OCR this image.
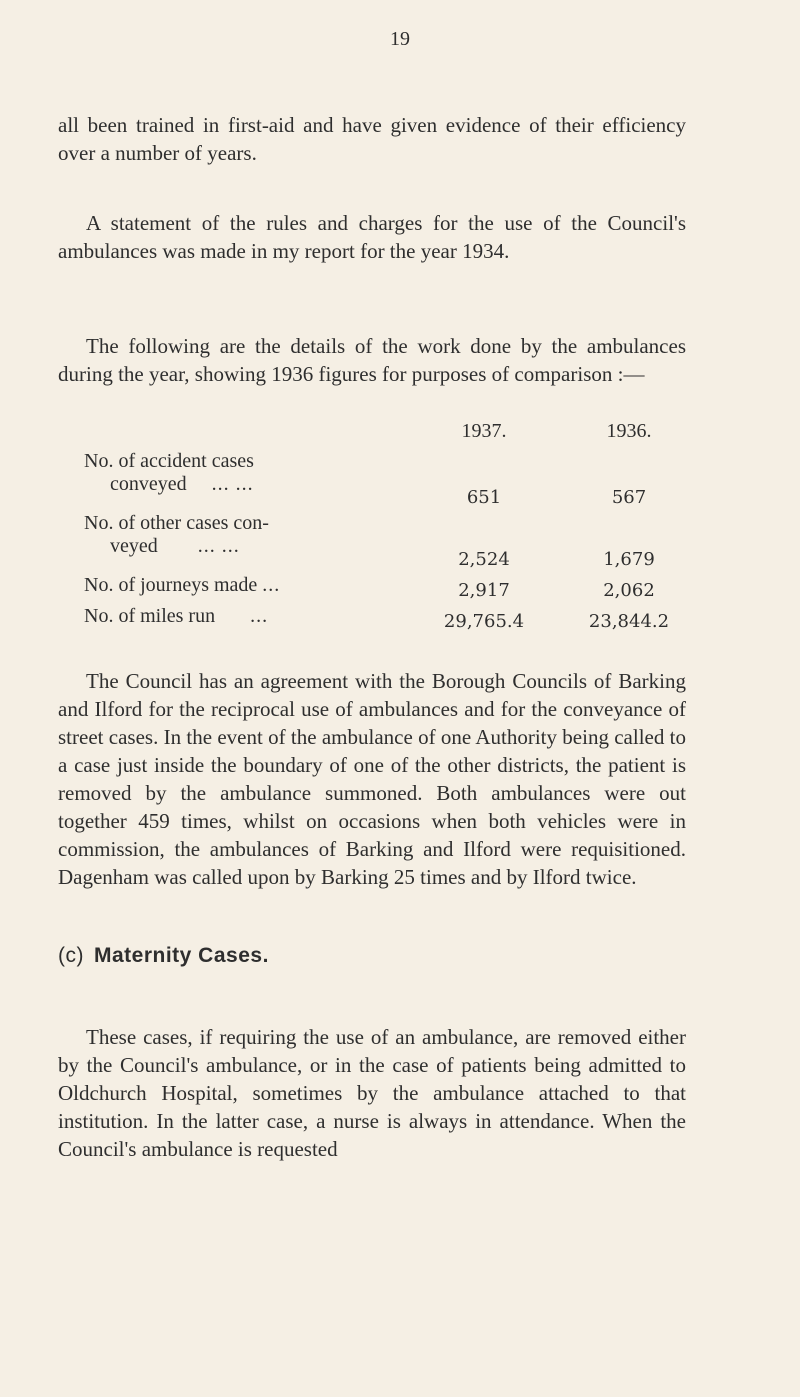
19

all been trained in first-aid and have given evidence of their efficiency over a number of years.

A statement of the rules and charges for the use of the Council's ambulances was made in my report for the year 1934.

The following are the details of the work done by the ambulances during the year, showing 1936 figures for purposes of comparison :—

1937.	1936.
No. of accident cases
conveyed ... ...
651	567
No. of other cases con-
veyed ... ...
2,524	1,679
No. of journeys made ...	2,917	2,062
No. of miles run ...	29,765.4	23,844.2

The Council has an agreement with the Borough Councils of Barking and Ilford for the reciprocal use of ambulances and for the conveyance of street cases. In the event of the ambulance of one Authority being called to a case just inside the boundary of one of the other districts, the patient is removed by the ambulance summoned. Both ambulances were out together 459 times, whilst on occasions when both vehicles were in commission, the ambulances of Barking and Ilford were requisitioned. Dagenham was called upon by Barking 25 times and by Ilford twice.

(c) Maternity Cases.

These cases, if requiring the use of an ambulance, are removed either by the Council's ambulance, or in the case of patients being admitted to Oldchurch Hospital, sometimes by the ambulance attached to that institution. In the latter case, a nurse is always in attendance. When the Council's ambulance is requested
